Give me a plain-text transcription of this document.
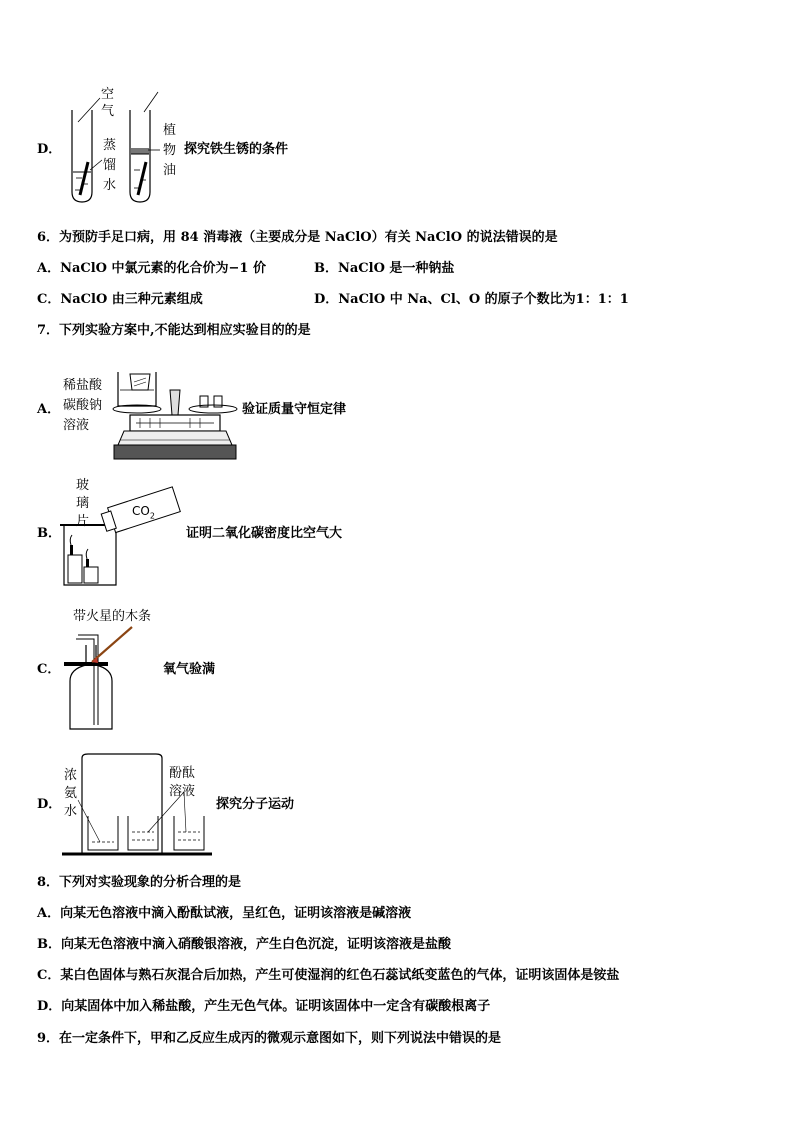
D．
空
气
蒸
馏
水
植
物
油
探究铁生锈的条件
6．为预防手足口病，用 84 消毒液（主要成分是 NaClO）有关 NaClO 的说法错误的是
A．NaClO 中氯元素的化合价为−1 价	B．NaClO 是一种钠盐
C．NaClO 由三种元素组成	D．NaClO 中 Na、Cl、O 的原子个数比为1：1：1
7．下列实验方案中,不能达到相应实验目的的是
A．
稀盐酸
碳酸钠
溶液
验证质量守恒定律
B．
玻
璃
片
$CO_2$
证明二氧化碳密度比空气大
C．
带火星的木条
氧气验满
D．
浓
氨
水
酚酞
溶液
探究分子运动
8．下列对实验现象的分析合理的是
A．向某无色溶液中滴入酚酞试液，呈红色，证明该溶液是碱溶液
B．向某无色溶液中滴入硝酸银溶液，产生白色沉淀，证明该溶液是盐酸
C．某白色固体与熟石灰混合后加热，产生可使湿润的红色石蕊试纸变蓝色的气体，证明该固体是铵盐
D．向某固体中加入稀盐酸，产生无色气体。证明该固体中一定含有碳酸根离子
9．在一定条件下，甲和乙反应生成丙的微观示意图如下，则下列说法中错误的是
